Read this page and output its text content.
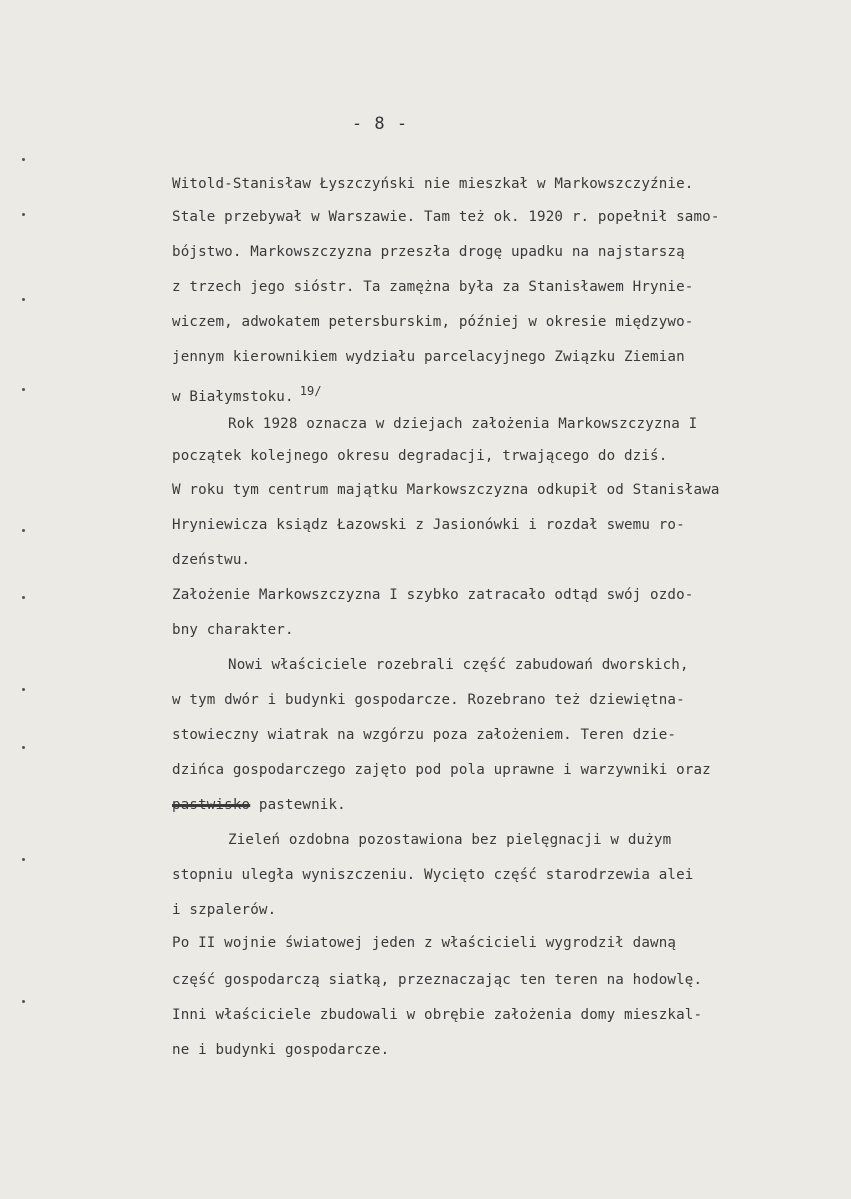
- 8 -
Witold-Stanisław Łyszczyński nie mieszkał w Markowszczyźnie.
Stale przebywał w Warszawie. Tam też ok. 1920 r. popełnił samo-
bójstwo. Markowszczyzna przeszła drogę upadku na najstarszą
z trzech jego sióstr. Ta zamężna była za Stanisławem Hrynie-
wiczem, adwokatem petersburskim, później w okresie międzywo-
jennym kierownikiem wydziału parcelacyjnego Związku Ziemian
w Białymstoku. $^{19/}$
Rok 1928 oznacza w dziejach założenia Markowszczyzna I
początek kolejnego okresu degradacji, trwającego do dziś.
W roku tym centrum majątku Markowszczyzna odkupił od Stanisława
Hryniewicza ksiądz Łazowski z Jasionówki i rozdał swemu ro-
dzeństwu.
Założenie Markowszczyzna I szybko zatracało odtąd swój ozdo-
bny charakter.
Nowi właściciele rozebrali część zabudowań dworskich,
w tym dwór i budynki gospodarcze. Rozebrano też dziewiętna-
stowieczny wiatrak na wzgórzu poza założeniem. Teren dzie-
dzińca gospodarczego zajęto pod pola uprawne i warzywniki oraz
pastwisko pastewnik.
Zieleń ozdobna pozostawiona bez pielęgnacji w dużym
stopniu uległa wyniszczeniu. Wycięto część starodrzewia alei
i szpalerów.
Po II wojnie światowej jeden z właścicieli wygrodził dawną
część gospodarczą siatką, przeznaczając ten teren na hodowlę.
Inni właściciele zbudowali w obrębie założenia domy mieszkal-
ne i budynki gospodarcze.
